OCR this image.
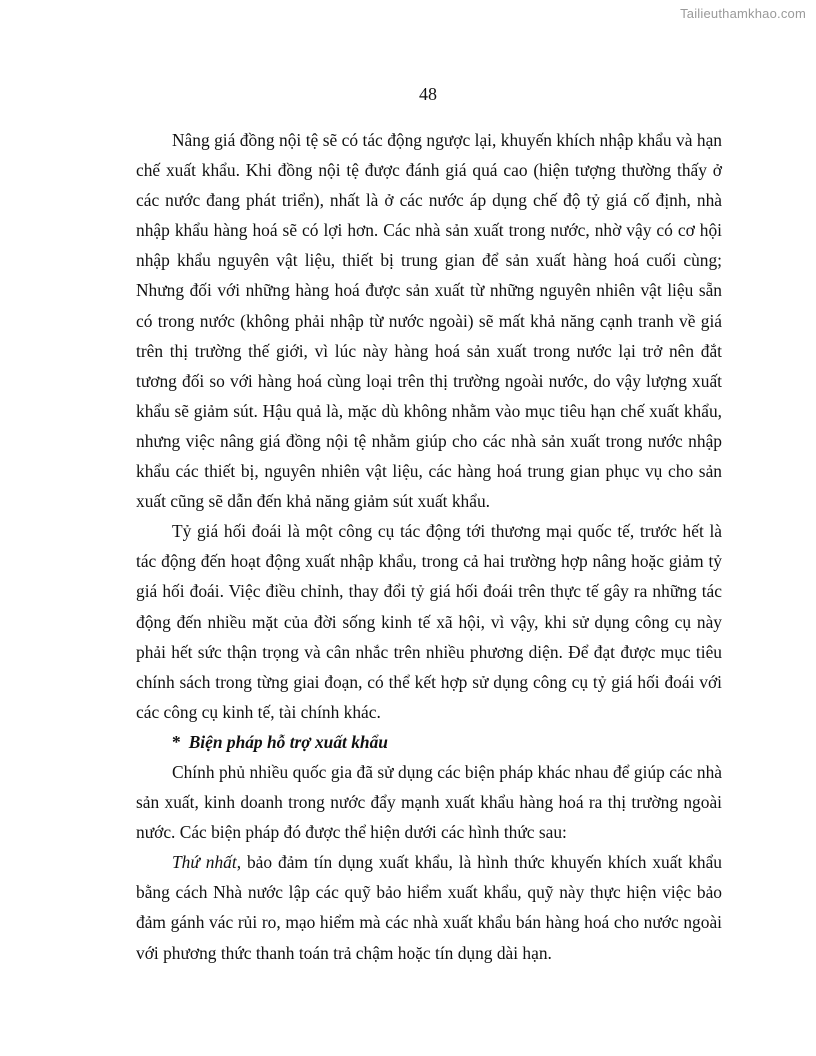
Tailieuthamkhao.com
48

Nâng giá đồng nội tệ sẽ có tác động ngược lại, khuyến khích nhập khẩu và hạn chế xuất khẩu. Khi đồng nội tệ được đánh giá quá cao (hiện tượng thường thấy ở các nước đang phát triển), nhất là ở các nước áp dụng chế độ tỷ giá cố định, nhà nhập khẩu hàng hoá sẽ có lợi hơn. Các nhà sản xuất trong nước, nhờ vậy có cơ hội nhập khẩu nguyên vật liệu, thiết bị trung gian để sản xuất hàng hoá cuối cùng; Nhưng đối với những hàng hoá được sản xuất từ những nguyên nhiên vật liệu sẵn có trong nước (không phải nhập từ nước ngoài) sẽ mất khả năng cạnh tranh về giá trên thị trường thế giới, vì lúc này hàng hoá sản xuất trong nước lại trở nên đắt tương đối so với hàng hoá cùng loại trên thị trường ngoài nước, do vậy lượng xuất khẩu sẽ giảm sút. Hậu quả là, mặc dù không nhằm vào mục tiêu hạn chế xuất khẩu, nhưng việc nâng giá đồng nội tệ nhằm giúp cho các nhà sản xuất trong nước nhập khẩu các thiết bị, nguyên nhiên vật liệu, các hàng hoá trung gian phục vụ cho sản xuất cũng sẽ dẫn đến khả năng giảm sút xuất khẩu.

Tỷ giá hối đoái là một công cụ tác động tới thương mại quốc tế, trước hết là tác động đến hoạt động xuất nhập khẩu, trong cả hai trường hợp nâng hoặc giảm tỷ giá hối đoái. Việc điều chỉnh, thay đổi tỷ giá hối đoái trên thực tế gây ra những tác động đến nhiều mặt của đời sống kinh tế xã hội, vì vậy, khi sử dụng công cụ này phải hết sức thận trọng và cân nhắc trên nhiều phương diện. Để đạt được mục tiêu chính sách trong từng giai đoạn, có thể kết hợp sử dụng công cụ tỷ giá hối đoái với các công cụ kinh tế, tài chính khác.

* Biện pháp hỗ trợ xuất khẩu

Chính phủ nhiều quốc gia đã sử dụng các biện pháp khác nhau để giúp các nhà sản xuất, kinh doanh trong nước đẩy mạnh xuất khẩu hàng hoá ra thị trường ngoài nước. Các biện pháp đó được thể hiện dưới các hình thức sau:

Thứ nhất, bảo đảm tín dụng xuất khẩu, là hình thức khuyến khích xuất khẩu bằng cách Nhà nước lập các quỹ bảo hiểm xuất khẩu, quỹ này thực hiện việc bảo đảm gánh vác rủi ro, mạo hiểm mà các nhà xuất khẩu bán hàng hoá cho nước ngoài với phương thức thanh toán trả chậm hoặc tín dụng dài hạn.
